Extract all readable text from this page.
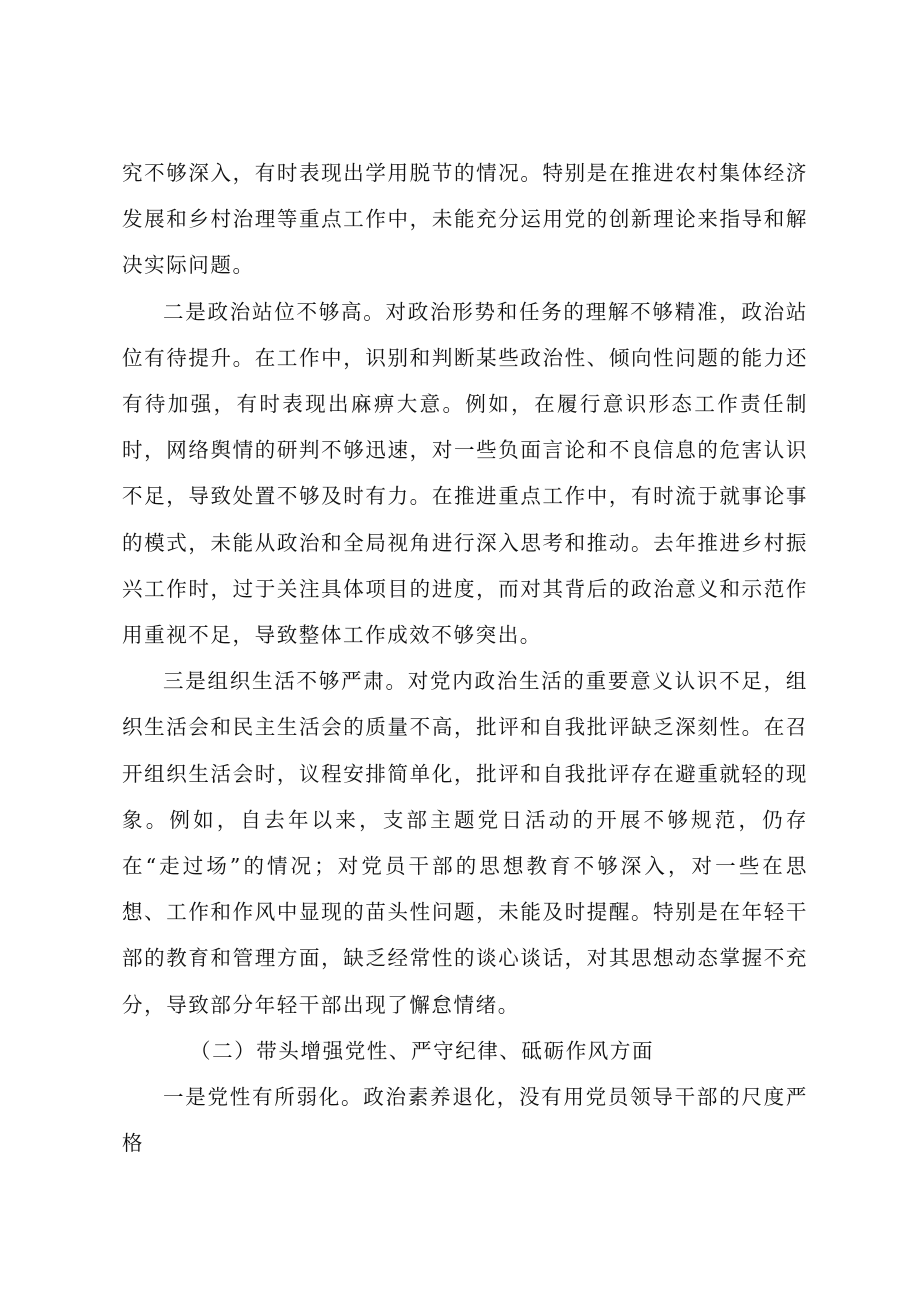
究不够深入，有时表现出学用脱节的情况。特别是在推进农村集体经济发展和乡村治理等重点工作中，未能充分运用党的创新理论来指导和解决实际问题。

二是政治站位不够高。对政治形势和任务的理解不够精准，政治站位有待提升。在工作中，识别和判断某些政治性、倾向性问题的能力还有待加强，有时表现出麻痹大意。例如，在履行意识形态工作责任制时，网络舆情的研判不够迅速，对一些负面言论和不良信息的危害认识不足，导致处置不够及时有力。在推进重点工作中，有时流于就事论事的模式，未能从政治和全局视角进行深入思考和推动。去年推进乡村振兴工作时，过于关注具体项目的进度，而对其背后的政治意义和示范作用重视不足，导致整体工作成效不够突出。

三是组织生活不够严肃。对党内政治生活的重要意义认识不足，组织生活会和民主生活会的质量不高，批评和自我批评缺乏深刻性。在召开组织生活会时，议程安排简单化，批评和自我批评存在避重就轻的现象。例如，自去年以来，支部主题党日活动的开展不够规范，仍存在“走过场”的情况；对党员干部的思想教育不够深入，对一些在思想、工作和作风中显现的苗头性问题，未能及时提醒。特别是在年轻干部的教育和管理方面，缺乏经常性的谈心谈话，对其思想动态掌握不充分，导致部分年轻干部出现了懈怠情绪。

（二）带头增强党性、严守纪律、砥砺作风方面

一是党性有所弱化。政治素养退化，没有用党员领导干部的尺度严格
